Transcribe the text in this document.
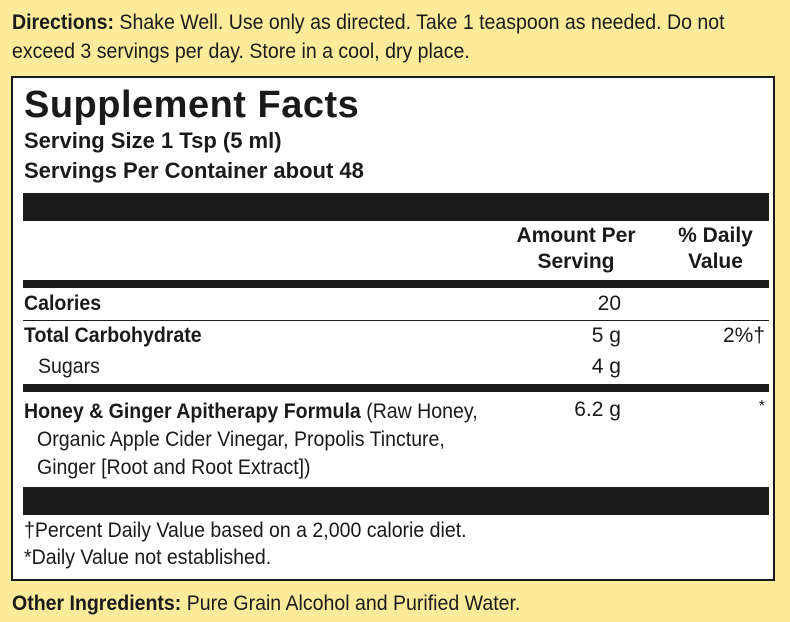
Directions: Shake Well. Use only as directed. Take 1 teaspoon as needed. Do not exceed 3 servings per day. Store in a cool, dry place.
Supplement Facts
Serving Size 1 Tsp (5 ml)
Servings Per Container about 48
Amount Per
Serving
% Daily
Value
Calories	20
Total Carbohydrate	5 g	2%†
Sugars	4 g
Honey & Ginger Apitherapy Formula (Raw Honey,
Organic Apple Cider Vinegar, Propolis Tincture,
Ginger [Root and Root Extract])
6.2 g	*
†Percent Daily Value based on a 2,000 calorie diet.
*Daily Value not established.
Other Ingredients: Pure Grain Alcohol and Purified Water.
